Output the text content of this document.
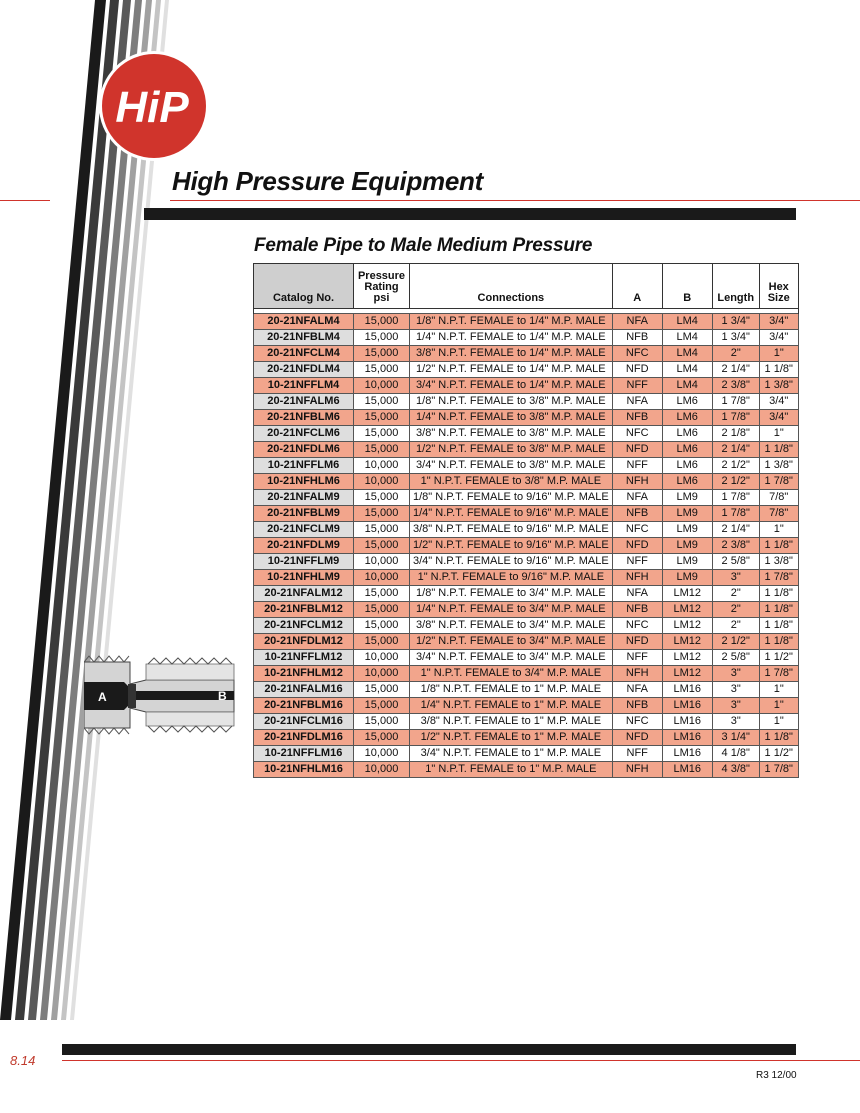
HiP
High Pressure Equipment
Female Pipe to Male Medium Pressure
Catalog No.	Pressure
Rating
psi	Connections	A	B	Length	Hex
Size

20-21NFALM4	15,000	1/8" N.P.T. FEMALE to 1/4" M.P. MALE	NFA	LM4	1 3/4"	3/4"
20-21NFBLM4	15,000	1/4" N.P.T. FEMALE to 1/4" M.P. MALE	NFB	LM4	1 3/4"	3/4"
20-21NFCLM4	15,000	3/8" N.P.T. FEMALE to 1/4" M.P. MALE	NFC	LM4	2"	1"
20-21NFDLM4	15,000	1/2" N.P.T. FEMALE to 1/4" M.P. MALE	NFD	LM4	2 1/4"	1 1/8"
10-21NFFLM4	10,000	3/4" N.P.T. FEMALE to 1/4" M.P. MALE	NFF	LM4	2 3/8"	1 3/8"
20-21NFALM6	15,000	1/8" N.P.T. FEMALE to 3/8" M.P. MALE	NFA	LM6	1 7/8"	3/4"
20-21NFBLM6	15,000	1/4" N.P.T. FEMALE to 3/8" M.P. MALE	NFB	LM6	1 7/8"	3/4"
20-21NFCLM6	15,000	3/8" N.P.T. FEMALE to 3/8" M.P. MALE	NFC	LM6	2 1/8"	1"
20-21NFDLM6	15,000	1/2" N.P.T. FEMALE to 3/8" M.P. MALE	NFD	LM6	2 1/4"	1 1/8"
10-21NFFLM6	10,000	3/4" N.P.T. FEMALE to 3/8" M.P. MALE	NFF	LM6	2 1/2"	1 3/8"
10-21NFHLM6	10,000	1" N.P.T. FEMALE to 3/8" M.P. MALE	NFH	LM6	2 1/2"	1 7/8"
20-21NFALM9	15,000	1/8" N.P.T. FEMALE to 9/16" M.P. MALE	NFA	LM9	1 7/8"	7/8"
20-21NFBLM9	15,000	1/4" N.P.T. FEMALE to 9/16" M.P. MALE	NFB	LM9	1 7/8"	7/8"
20-21NFCLM9	15,000	3/8" N.P.T. FEMALE to 9/16" M.P. MALE	NFC	LM9	2 1/4"	1"
20-21NFDLM9	15,000	1/2" N.P.T. FEMALE to 9/16" M.P. MALE	NFD	LM9	2 3/8"	1 1/8"
10-21NFFLM9	10,000	3/4" N.P.T. FEMALE to 9/16" M.P. MALE	NFF	LM9	2 5/8"	1 3/8"
10-21NFHLM9	10,000	1" N.P.T. FEMALE to 9/16" M.P. MALE	NFH	LM9	3"	1 7/8"
20-21NFALM12	15,000	1/8" N.P.T. FEMALE to 3/4" M.P. MALE	NFA	LM12	2"	1 1/8"
20-21NFBLM12	15,000	1/4" N.P.T. FEMALE to 3/4" M.P. MALE	NFB	LM12	2"	1 1/8"
20-21NFCLM12	15,000	3/8" N.P.T. FEMALE to 3/4" M.P. MALE	NFC	LM12	2"	1 1/8"
20-21NFDLM12	15,000	1/2" N.P.T. FEMALE to 3/4" M.P. MALE	NFD	LM12	2 1/2"	1 1/8"
10-21NFFLM12	10,000	3/4" N.P.T. FEMALE to 3/4" M.P. MALE	NFF	LM12	2 5/8"	1 1/2"
10-21NFHLM12	10,000	1" N.P.T. FEMALE to 3/4" M.P. MALE	NFH	LM12	3"	1 7/8"
20-21NFALM16	15,000	1/8" N.P.T. FEMALE to 1" M.P. MALE	NFA	LM16	3"	1"
20-21NFBLM16	15,000	1/4" N.P.T. FEMALE to 1" M.P. MALE	NFB	LM16	3"	1"
20-21NFCLM16	15,000	3/8" N.P.T. FEMALE to 1" M.P. MALE	NFC	LM16	3"	1"
20-21NFDLM16	15,000	1/2" N.P.T. FEMALE to 1" M.P. MALE	NFD	LM16	3 1/4"	1 1/8"
10-21NFFLM16	10,000	3/4" N.P.T. FEMALE to 1" M.P. MALE	NFF	LM16	4 1/8"	1 1/2"
10-21NFHLM16	10,000	1" N.P.T. FEMALE to 1" M.P. MALE	NFH	LM16	4 3/8"	1 7/8"
A	B
8.14
R3 12/00
